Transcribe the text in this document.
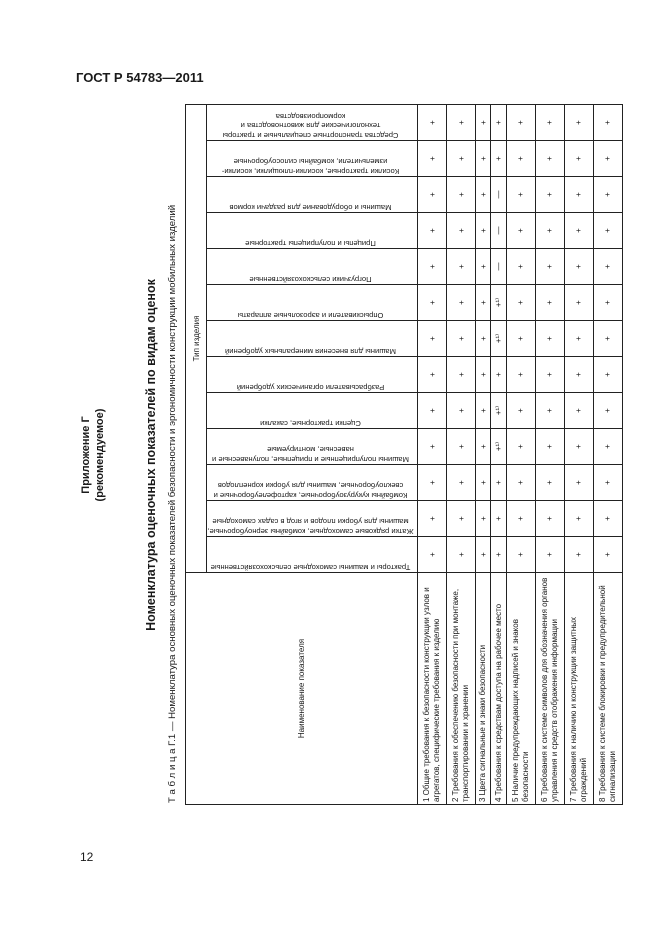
ГОСТ Р 54783—2011
12
Приложение Г (рекомендуемое)	Номенклатура оценочных показателей по видам оценок Т а б л и ц а Г.1 — Номенклатура основных оценочных показателей безопасности и эргономичности конструкции мобильных изделий	Наименование показателя	Тип изделия												

	Тракторы и машины самоходные сельскохозяйственные	Жатки рядковые самоходные, комбайны зерноуборочные, машины для уборки плодов и ягод в садах самоходные	Комбайны кукурузоуборочные, картофелеуборочные и свеклоуборочные, машины для уборки корнеплодов	Машины полуприцепные и прицепные, полунавесные и навесные, монтируемые	Сцепки тракторные, сакалки	Разбрасыватели органических удобрений	Машины для внесения минеральных удобрений	Опрыскиватели и аэрозольные аппараты	Погрузчики сельскохозяйственные	Прицепы и полуприцепы тракторные	Машины и оборудование для раздачи кормов	Косилки тракторные, косилки-плющилки, косилки-измельчители, комбайны силосоуборочные	Средства транспортные специальные и тракторы технологические для животноводства и кормопроизводства

1 Общие требования к безопасности конструкции узлов и агрегатов, специфические требования к изделию	+	+	+	+	+	+	+	+	+	+	+	+	+
2 Требования к обеспечению безопасности при монтаже, транспортировании и хранении	+	+	+	+	+	+	+	+	+	+	+	+	+
3 Цвета сигнальные и знаки безопасности	+	+	+	+	+	+	+	+	+	+	+	+	+
4 Требования к средствам доступа на рабочее место	+	+	+	+¹⁾	+¹⁾	+	+¹⁾	+¹⁾	—	—	—	+	+
5 Наличие предупреждающих надписей и знаков безопасности	+	+	+	+	+	+	+	+	+	+	+	+	+
6 Требования к системе символов для обозначения органов управления и средств отображения информации	+	+	+	+	+	+	+	+	+	+	+	+	+
7 Требования к наличию и конструкции защитных ограждений	+	+	+	+	+	+	+	+	+	+	+	+	+
8 Требования к системе блокировки и предупредительной сигнализации	+	+	+	+	+	+	+	+	+	+	+	+	+
